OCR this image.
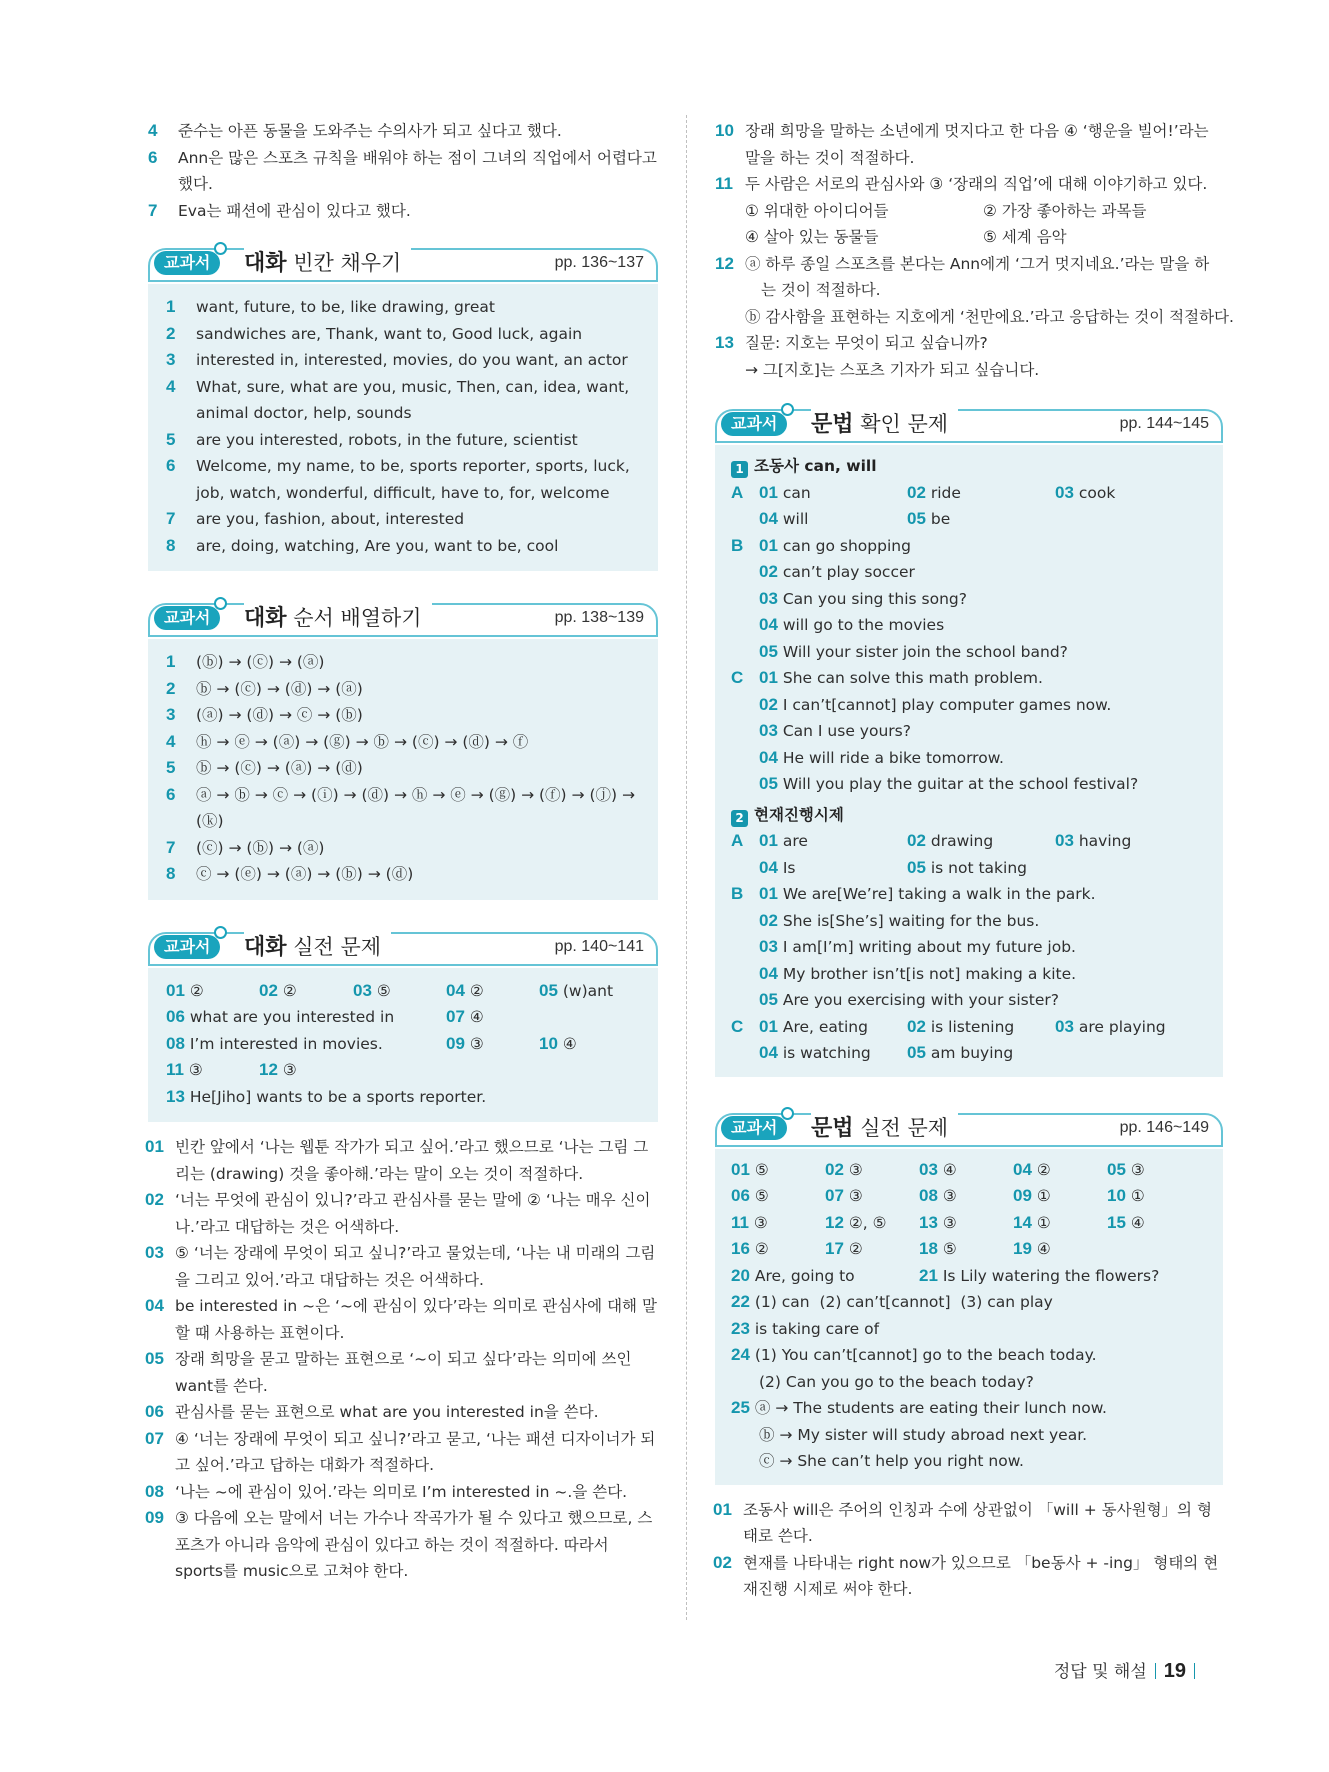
4 준수는 아픈 동물을 도와주는 수의사가 되고 싶다고 했다.
6 Ann은 많은 스포츠 규칙을 배워야 하는 점이 그녀의 직업에서 어렵다고 했다.
7 Eva는 패션에 관심이 있다고 했다.
교과서	대화 빈칸 채우기	pp. 136~137
1 want, future, to be, like drawing, great
2 sandwiches are, Thank, want to, Good luck, again
3 interested in, interested, movies, do you want, an actor
4 What, sure, what are you, music, Then, can, idea, want, animal doctor, help, sounds
5 are you interested, robots, in the future, scientist
6 Welcome, my name, to be, sports reporter, sports, luck, job, watch, wonderful, difficult, have to, for, welcome
7 are you, fashion, about, interested
8 are, doing, watching, Are you, want to be, cool
교과서	대화 순서 배열하기	pp. 138~139
1 (ⓑ) → (ⓒ) → (ⓐ)
2 ⓑ → (ⓒ) → (ⓓ) → (ⓐ)
3 (ⓐ) → (ⓓ) → ⓒ → (ⓑ)
4 ⓗ → ⓔ → (ⓐ) → (ⓖ) → ⓑ → (ⓒ) → (ⓓ) → ⓕ
5 ⓑ → (ⓒ) → (ⓐ) → (ⓓ)
6 ⓐ → ⓑ → ⓒ → (ⓘ) → (ⓓ) → ⓗ → ⓔ → (ⓖ) → (ⓕ) → (ⓙ) → (ⓚ)
7 (ⓒ) → (ⓑ) → (ⓐ)
8 ⓒ → (ⓔ) → (ⓐ) → (ⓑ) → (ⓓ)
교과서	대화 실전 문제	pp. 140~141
01 ②	02 ②	03 ⑤	04 ②	05 (w)ant
06 what are you interested in	07 ④
08 I’m interested in movies.	09 ③	10 ④
11 ③	12 ③
13 He[Jiho] wants to be a sports reporter.
01 빈칸 앞에서 ‘나는 웹툰 작가가 되고 싶어.’라고 했으므로 ‘나는 그림 그리는 (drawing) 것을 좋아해.’라는 말이 오는 것이 적절하다.
02 ‘너는 무엇에 관심이 있니?’라고 관심사를 묻는 말에 ② ‘나는 매우 신이 나.’라고 대답하는 것은 어색하다.
03 ⑤ ‘너는 장래에 무엇이 되고 싶니?’라고 물었는데, ‘나는 내 미래의 그림을 그리고 있어.’라고 대답하는 것은 어색하다.
04 be interested in ~은 ‘~에 관심이 있다’라는 의미로 관심사에 대해 말할 때 사용하는 표현이다.
05 장래 희망을 묻고 말하는 표현으로 ‘~이 되고 싶다’라는 의미에 쓰인 want를 쓴다.
06 관심사를 묻는 표현으로 what are you interested in을 쓴다.
07 ④ ‘너는 장래에 무엇이 되고 싶니?’라고 묻고, ‘나는 패션 디자이너가 되고 싶어.’라고 답하는 대화가 적절하다.
08 ‘나는 ~에 관심이 있어.’라는 의미로 I’m interested in ~.을 쓴다.
09 ③ 다음에 오는 말에서 너는 가수나 작곡가가 될 수 있다고 했으므로, 스포츠가 아니라 음악에 관심이 있다고 하는 것이 적절하다. 따라서 sports를 music으로 고쳐야 한다.
10 장래 희망을 말하는 소년에게 멋지다고 한 다음 ④ ‘행운을 빌어!’라는 말을 하는 것이 적절하다.
11 두 사람은 서로의 관심사와 ③ ‘장래의 직업’에 대해 이야기하고 있다.
① 위대한 아이디어들	② 가장 좋아하는 과목들
④ 살아 있는 동물들	⑤ 세계 음악
12 ⓐ 하루 종일 스포츠를 본다는 Ann에게 ‘그거 멋지네요.’라는 말을 하는 것이 적절하다.
ⓑ 감사함을 표현하는 지호에게 ‘천만에요.’라고 응답하는 것이 적절하다.
13 질문: 지호는 무엇이 되고 싶습니까?
→ 그[지호]는 스포츠 기자가 되고 싶습니다.
교과서	문법 확인 문제	pp. 144~145
1 조동사 can, will
A 01 can	02 ride	03 cook
04 will	05 be
B 01 can go shopping
02 can’t play soccer
03 Can you sing this song?
04 will go to the movies
05 Will your sister join the school band?
C 01 She can solve this math problem.
02 I can’t[cannot] play computer games now.
03 Can I use yours?
04 He will ride a bike tomorrow.
05 Will you play the guitar at the school festival?
2 현재진행시제
A 01 are	02 drawing	03 having
04 Is	05 is not taking
B 01 We are[We’re] taking a walk in the park.
02 She is[She’s] waiting for the bus.
03 I am[I’m] writing about my future job.
04 My brother isn’t[is not] making a kite.
05 Are you exercising with your sister?
C 01 Are, eating	02 is listening	03 are playing
04 is watching	05 am buying
교과서	문법 실전 문제	pp. 146~149
01 ⑤	02 ③	03 ④	04 ②	05 ③
06 ⑤	07 ③	08 ③	09 ①	10 ①
11 ③	12 ②, ⑤	13 ③	14 ①	15 ④
16 ②	17 ②	18 ⑤	19 ④
20 Are, going to	21 Is Lily watering the flowers?
22 (1) can  (2) can’t[cannot]  (3) can play
23 is taking care of
24 (1) You can’t[cannot] go to the beach today.
(2) Can you go to the beach today?
25 ⓐ → The students are eating their lunch now.
ⓑ → My sister will study abroad next year.
ⓒ → She can’t help you right now.
01 조동사 will은 주어의 인칭과 수에 상관없이 「will + 동사원형」의 형태로 쓴다.
02 현재를 나타내는 right now가 있으므로 「be동사 + -ing」 형태의 현재진행 시제로 써야 한다.
정답 및 해설 19
